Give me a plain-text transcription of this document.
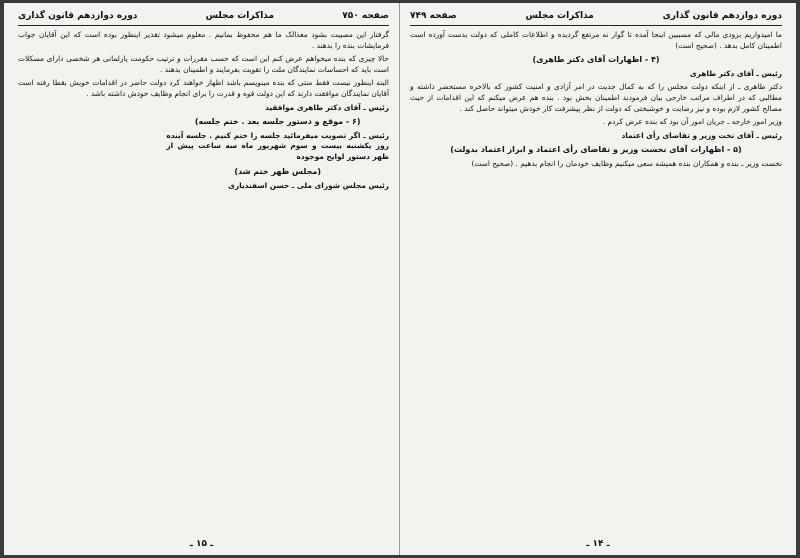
صفحه ۷۵۰
مذاکرات مجلس
دوره دوازدهم قانون گذاری

گرفتار این مصیبت بشود معذالک ما هم محفوظ بمانیم . معلوم میشود تقدیر اینطور بوده است که این آقایان جواب فرمایشات بنده را بدهند .

حالا چیزی که بنده میخواهم عرض کنم این است که حسب مقررات و ترتیب حکومت پارلمانی هر شخصی دارای مسکلات است باید که احساسات نمایندگان ملت را تقویت بفرمایند و اطمینان بدهند .

البته اینطور نیست فقط منتی که بنده مینویسم باشد اظهار خواهند کرد دولت حاضر در اقدامات خویش بقطا رفته است آقایان نمایندگان موافقت دارند که این دولت قوه و قدرت را برای انجام وظایف خودش داشته باشد .

رئیس ـ آقای دکتر طاهری موافقید

(۶ - موقع و دستور جلسه بعد . ختم جلسه)

رئیس ـ اگر تصویب میفرمائید جلسه را ختم کنیم . جلسه آینده روز یکشنبه بیست و سوم شهریور ماه سه ساعت پیش از ظهر دستور لوایح موجوده

(مجلس ظهر ختم شد)

رئیس مجلس شورای ملی ـ حسن اسفندیاری
ـ ۱۵ ـ
دوره دوازدهم قانون گذاری
مذاکرات مجلس
صفحه ۷۴۹

ما امیدواریم بزودی مالی که مسببین اینجا آمده تا گوار نه مرتفع گردیده و اطلاعات کاملی که دولت بدست آورده است اطمینان کامل بدهد . (صحیح است)

(۴ - اظهارات آقای دکتر طاهری)

رئیس ـ آقای دکتر طاهری

دکتر طاهری ـ از اینکه دولت مجلس را که به کمال جدیت در امر آزادی و امنیت کشور که بالاخره مستحضر داشته و مطالبی که در اطراف مراتب خارجی بیان فرمودند اطمینان بخش بود . بنده هم عرض میکنم که این اقدامات از حیث مصالح کشور لازم بوده و نیز رضایت و خوشبختی که دولت از نظر پیشرفت کار خودش میتواند حاصل کند .

وزیر امور خارجه ـ جریان امور آن بود که بنده عرض کردم .

رئیس ـ آقای تخت وزیر و تقاضای رأی اعتماد

(۵ - اظهارات آقای نخست وزیر و تقاضای رأی اعتماد و ابراز اعتماد بدولت)

نخست وزیر ـ بنده و همکاران بنده همیشه سعی میکنیم وظایف خودمان را انجام بدهیم . (صحیح است)

ـ ۱۴ ـ
